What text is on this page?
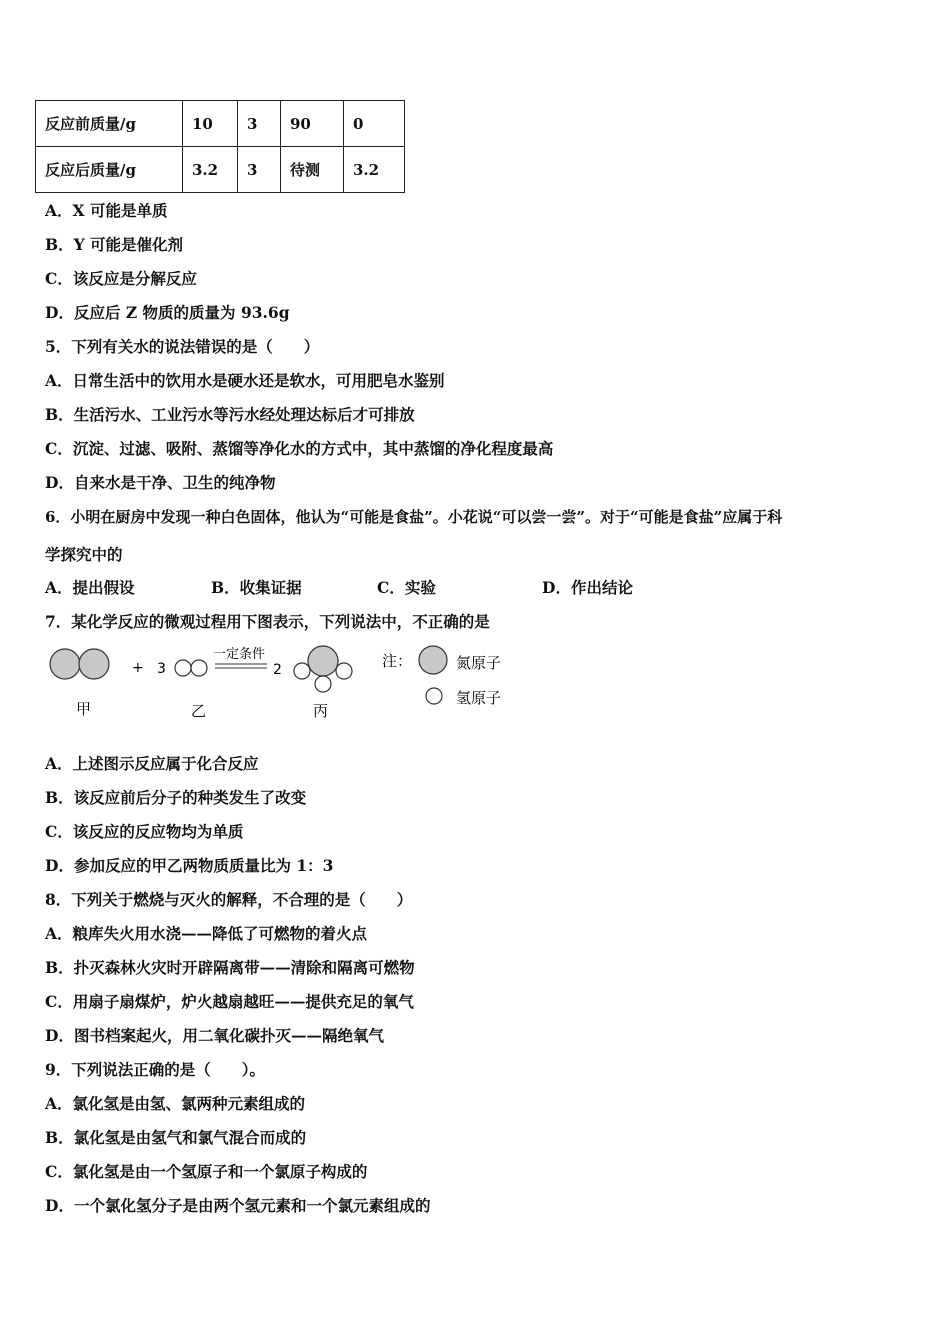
反应前质量/g	10	3	90	0
反应后质量/g	3.2	3	待测	3.2
A．X 可能是单质
B．Y 可能是催化剂
C．该反应是分解反应
D．反应后 Z 物质的质量为 93.6g
5．下列有关水的说法错误的是（　　）
A．日常生活中的饮用水是硬水还是软水，可用肥皂水鉴别
B．生活污水、工业污水等污水经处理达标后才可排放
C．沉淀、过滤、吸附、蒸馏等净化水的方式中，其中蒸馏的净化程度最高
D．自来水是干净、卫生的纯净物
6．小明在厨房中发现一种白色固体，他认为“可能是食盐”。小花说“可以尝一尝”。对于“可能是食盐”应属于科
学探究中的
A．提出假设	B．收集证据	C．实验	D．作出结论
7．某化学反应的微观过程用下图表示，下列说法中，不正确的是
+ 3
一定条件
2
甲	乙	丙
注：	氮原子
氢原子
A．上述图示反应属于化合反应
B．该反应前后分子的种类发生了改变
C．该反应的反应物均为单质
D．参加反应的甲乙两物质质量比为 1：3
8．下列关于燃烧与灭火的解释，不合理的是（　　）
A．粮库失火用水浇——降低了可燃物的着火点
B．扑灭森林火灾时开辟隔离带——清除和隔离可燃物
C．用扇子扇煤炉，炉火越扇越旺——提供充足的氧气
D．图书档案起火，用二氧化碳扑灭——隔绝氧气
9．下列说法正确的是（　　）。
A．氯化氢是由氢、氯两种元素组成的
B．氯化氢是由氢气和氯气混合而成的
C．氯化氢是由一个氢原子和一个氯原子构成的
D．一个氯化氢分子是由两个氢元素和一个氯元素组成的
